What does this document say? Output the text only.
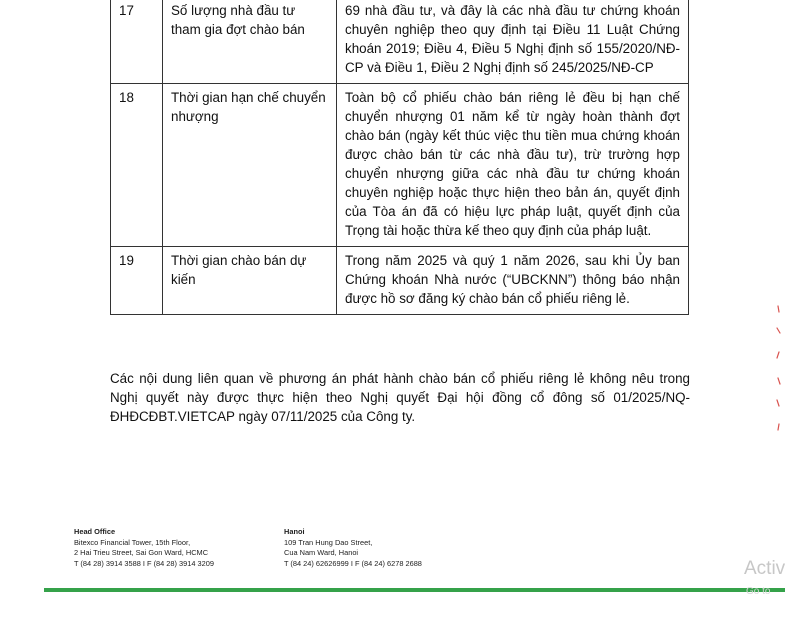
17	Số lượng nhà đầu tư tham gia đợt chào bán	69 nhà đầu tư, và đây là các nhà đầu tư chứng khoán chuyên nghiệp theo quy định tại Điều 11 Luật Chứng khoán 2019; Điều 4, Điều 5 Nghị định số 155/2020/NĐ-CP và Điều 1, Điều 2 Nghị định số 245/2025/NĐ-CP
18	Thời gian hạn chế chuyển nhượng	Toàn bộ cổ phiếu chào bán riêng lẻ đều bị hạn chế chuyển nhượng 01 năm kể từ ngày hoàn thành đợt chào bán (ngày kết thúc việc thu tiền mua chứng khoán được chào bán từ các nhà đầu tư), trừ trường hợp chuyển nhượng giữa các nhà đầu tư chứng khoán chuyên nghiệp hoặc thực hiện theo bản án, quyết định của Tòa án đã có hiệu lực pháp luật, quyết định của Trọng tài hoặc thừa kế theo quy định của pháp luật.
19	Thời gian chào bán dự kiến	Trong năm 2025 và quý 1 năm 2026, sau khi Ủy ban Chứng khoán Nhà nước (“UBCKNN”) thông báo nhận được hồ sơ đăng ký chào bán cổ phiếu riêng lẻ.

Các nội dung liên quan về phương án phát hành chào bán cổ phiếu riêng lẻ không nêu trong Nghị quyết này được thực hiện theo Nghị quyết Đại hội đồng cổ đông số 01/2025/NQ-ĐHĐCĐBT.VIETCAP ngày 07/11/2025 của Công ty.

Head Office
Bitexco Financial Tower, 15th Floor,
2 Hai Trieu Street, Sai Gon Ward, HCMC
T (84 28) 3914 3588 I F (84 28) 3914 3209
Hanoi
109 Tran Hung Dao Street,
Cua Nam Ward, Hanoi
T (84 24) 62626999 I F (84 24) 6278 2688	Activ
Go to
